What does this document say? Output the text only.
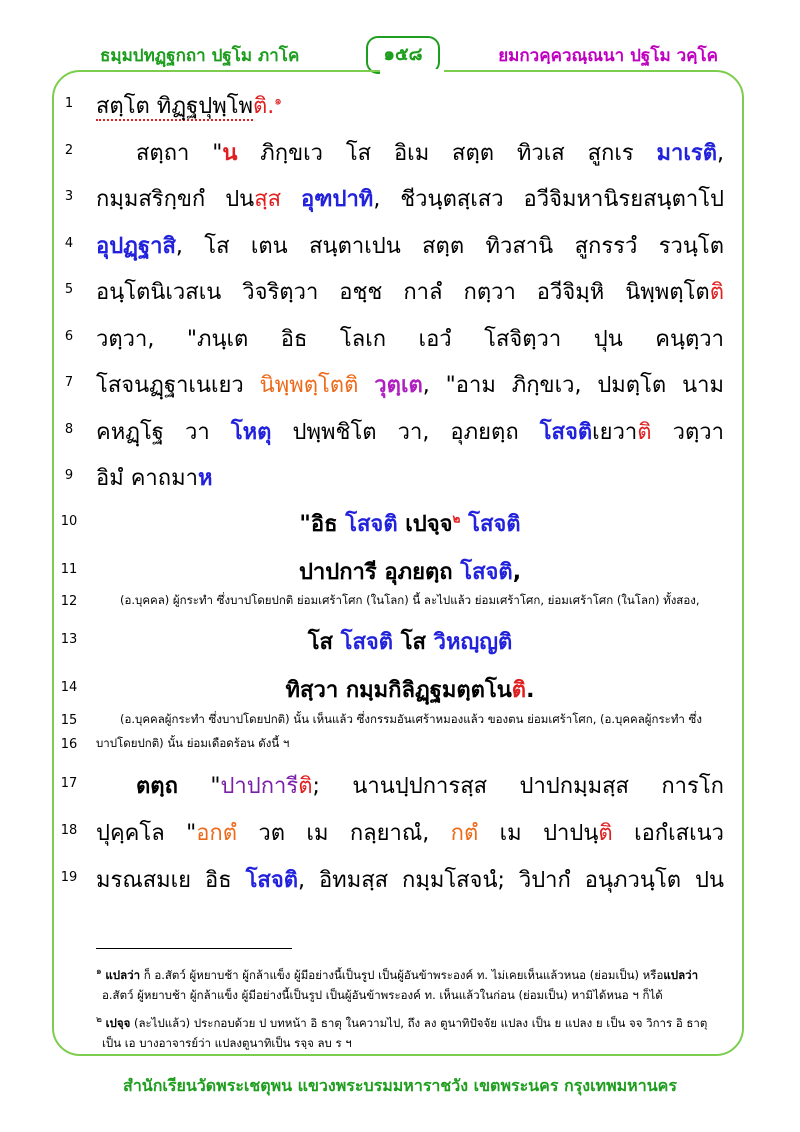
ธมฺมปทฏฺฐกถา ปฐโม ภาโค	๑๕๘	ยมกวคฺควณฺณนา ปฐโม วคฺโค
1	สตฺโต ทิฏฺฐปุพฺโพติ.$^๑$
2	สตฺถา "น ภิกฺขเว โส อิเม สตฺต ทิวเส สูกเร มาเรติ,
3	กมฺมสริกฺขกํ ปนสฺส อุฑปาทิ, ชีวนฺตสฺเสว อวีจิมหานิรยสนฺตาโป
4	อุปฏฺฐาสิ, โส เตน สนฺตาเปน สตฺต ทิวสานิ สูกรรวํ รวนฺโต
5	อนฺโตนิเวสเน วิจริตฺวา อชฺช กาลํ กตฺวา อวีจิมฺหิ นิพฺพตฺโตติ
6	วตฺวา, "ภนฺเต อิธ โลเก เอวํ โสจิตฺวา ปุน คนฺตฺวา
7	โสจนฏฺฐาเนเยว นิพฺพตฺโตติ วุตฺเต, "อาม ภิกฺขเว, ปมตฺโต นาม
8	คหฏฺโฐ วา โหตุ ปพฺพชิโต วา, อุภยตฺถ โสจติเยวาติ วตฺวา
9	อิมํ คาถมาห
10	"อิธ โสจติ เปจฺจ$^๒$ โสจติ
11	ปาปการี อุภยตฺถ โสจติ,
12	(อ.บุคคล) ผู้กระทำ ซึ่งบาปโดยปกติ ย่อมเศร้าโศก (ในโลก) นี้ ละไปแล้ว ย่อมเศร้าโศก, ย่อมเศร้าโศก (ในโลก) ทั้งสอง,
13	โส โสจติ โส วิหญฺญติ
14	ทิสฺวา กมฺมกิลิฏฺฐมตฺตโนติ.
15	(อ.บุคคลผู้กระทำ ซึ่งบาปโดยปกติ) นั้น เห็นแล้ว ซึ่งกรรมอันเศร้าหมองแล้ว ของตน ย่อมเศร้าโศก, (อ.บุคคลผู้กระทำ ซึ่ง
16	บาปโดยปกติ) นั้น ย่อมเดือดร้อน ดังนี้ ฯ
17	ตตฺถ "ปาปการีติ; นานปฺปการสฺส ปาปกมฺมสฺส การโก
18 ปุคฺคโล "อกตํ วต เม กลฺยาณํ, กตํ เม ปาปนฺติ เอกํเสเนว
19 มรณสมเย อิธ โสจติ, อิทมสฺส กมฺมโสจนํ; วิปากํ อนุภวนฺโต ปน
$^๑$ แปลว่า ก็ อ.สัตว์ ผู้หยาบช้า ผู้กล้าแข็ง ผู้มีอย่างนี้เป็นรูป เป็นผู้อันข้าพระองค์ ท. ไม่เคยเห็นแล้วหนอ (ย่อมเป็น) หรือแปลว่า
อ.สัตว์ ผู้หยาบช้า ผู้กล้าแข็ง ผู้มีอย่างนี้เป็นรูป เป็นผู้อันข้าพระองค์ ท. เห็นแล้วในก่อน (ย่อมเป็น) หามิได้หนอ ฯ ก็ได้
$^๒$ เปจฺจ (ละไปแล้ว) ประกอบด้วย ป บทหน้า อิ ธาตุ ในความไป, ถึง ลง ตูนาทิปัจจัย แปลง เป็น ย แปลง ย เป็น จจ วิการ อิ ธาตุ
เป็น เอ บางอาจารย์ว่า แปลงตูนาทิเป็น รจฺจ ลบ ร ฯ
สำนักเรียนวัดพระเชตุพน แขวงพระบรมมหาราชวัง เขตพระนคร กรุงเทพมหานคร
